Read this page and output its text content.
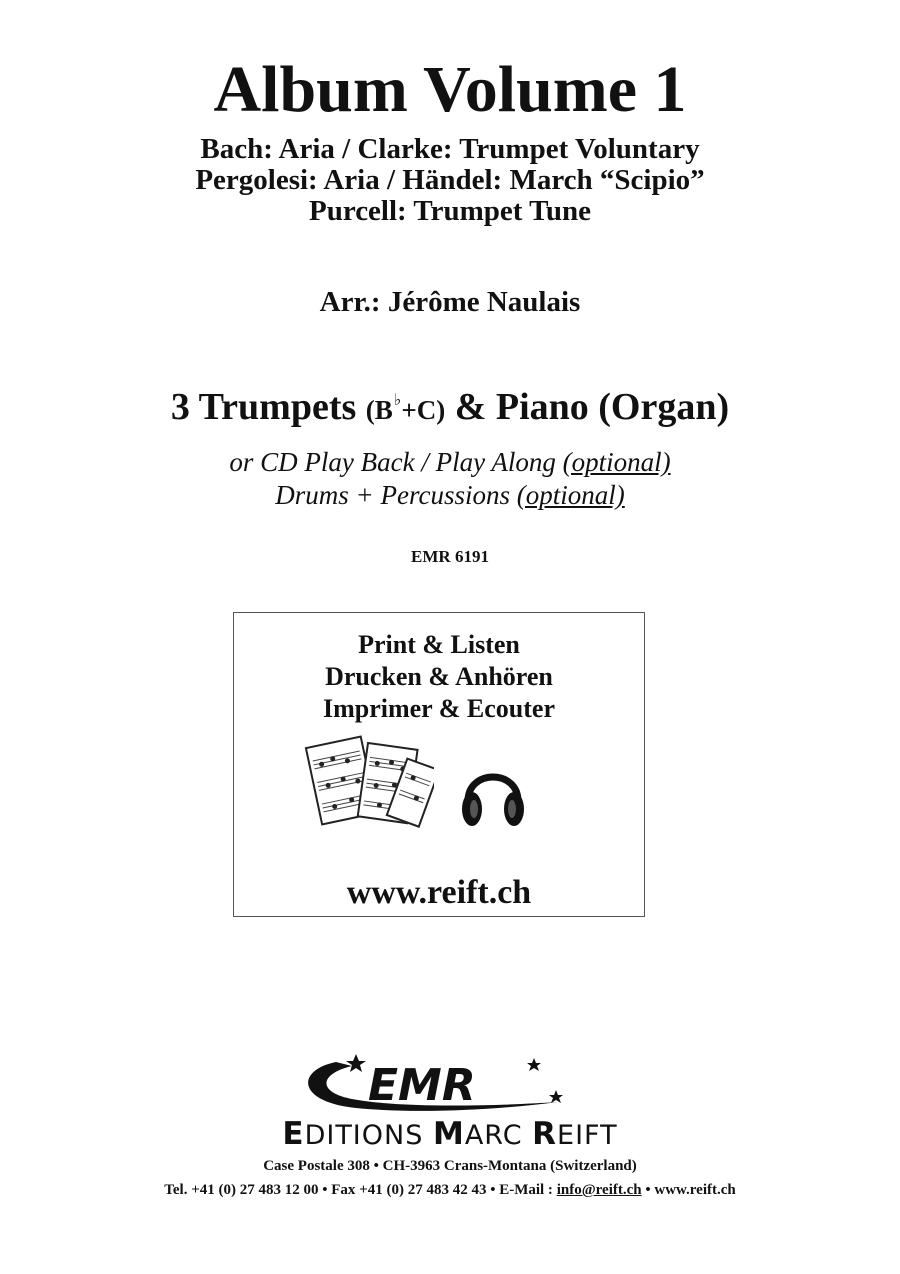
Album Volume 1
Bach: Aria / Clarke: Trumpet Voluntary
Pergolesi: Aria / Händel: March “Scipio”
Purcell: Trumpet Tune
Arr.: Jérôme Naulais
3 Trumpets (B♭+C) & Piano (Organ)
or CD Play Back / Play Along (optional)
Drums + Percussions (optional)
EMR 6191
Print & Listen
Drucken & Anhören
Imprimer & Ecouter
www.reift.ch
EMR
EDITIONS MARC REIFT
Case Postale 308 • CH-3963 Crans-Montana (Switzerland)
Tel. +41 (0) 27 483 12 00 • Fax +41 (0) 27 483 42 43 • E-Mail : info@reift.ch • www.reift.ch
